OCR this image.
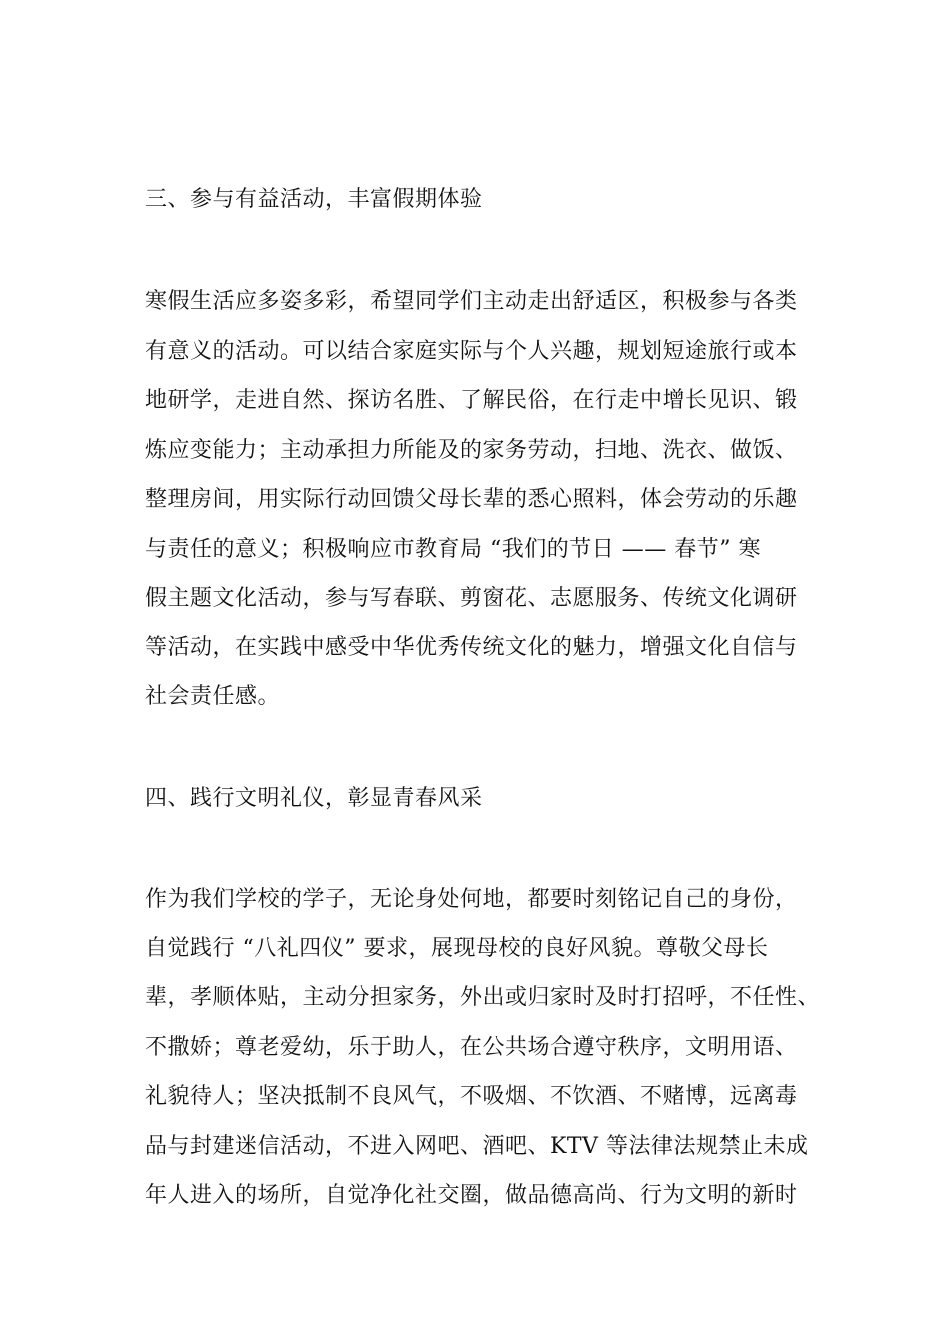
三、参与有益活动，丰富假期体验
寒假生活应多姿多彩，希望同学们主动走出舒适区，积极参与各类
有意义的活动。可以结合家庭实际与个人兴趣，规划短途旅行或本
地研学，走进自然、探访名胜、了解民俗，在行走中增长见识、锻
炼应变能力；主动承担力所能及的家务劳动，扫地、洗衣、做饭、
整理房间，用实际行动回馈父母长辈的悉心照料，体会劳动的乐趣
与责任的意义；积极响应市教育局 “我们的节日 —— 春节” 寒
假主题文化活动，参与写春联、剪窗花、志愿服务、传统文化调研
等活动，在实践中感受中华优秀传统文化的魅力，增强文化自信与
社会责任感。
四、践行文明礼仪，彰显青春风采
作为我们学校的学子，无论身处何地，都要时刻铭记自己的身份，
自觉践行 “八礼四仪” 要求，展现母校的良好风貌。尊敬父母长
辈，孝顺体贴，主动分担家务，外出或归家时及时打招呼，不任性、
不撒娇；尊老爱幼，乐于助人，在公共场合遵守秩序，文明用语、
礼貌待人；坚决抵制不良风气，不吸烟、不饮酒、不赌博，远离毒
品与封建迷信活动，不进入网吧、酒吧、KTV 等法律法规禁止未成
年人进入的场所，自觉净化社交圈，做品德高尚、行为文明的新时
